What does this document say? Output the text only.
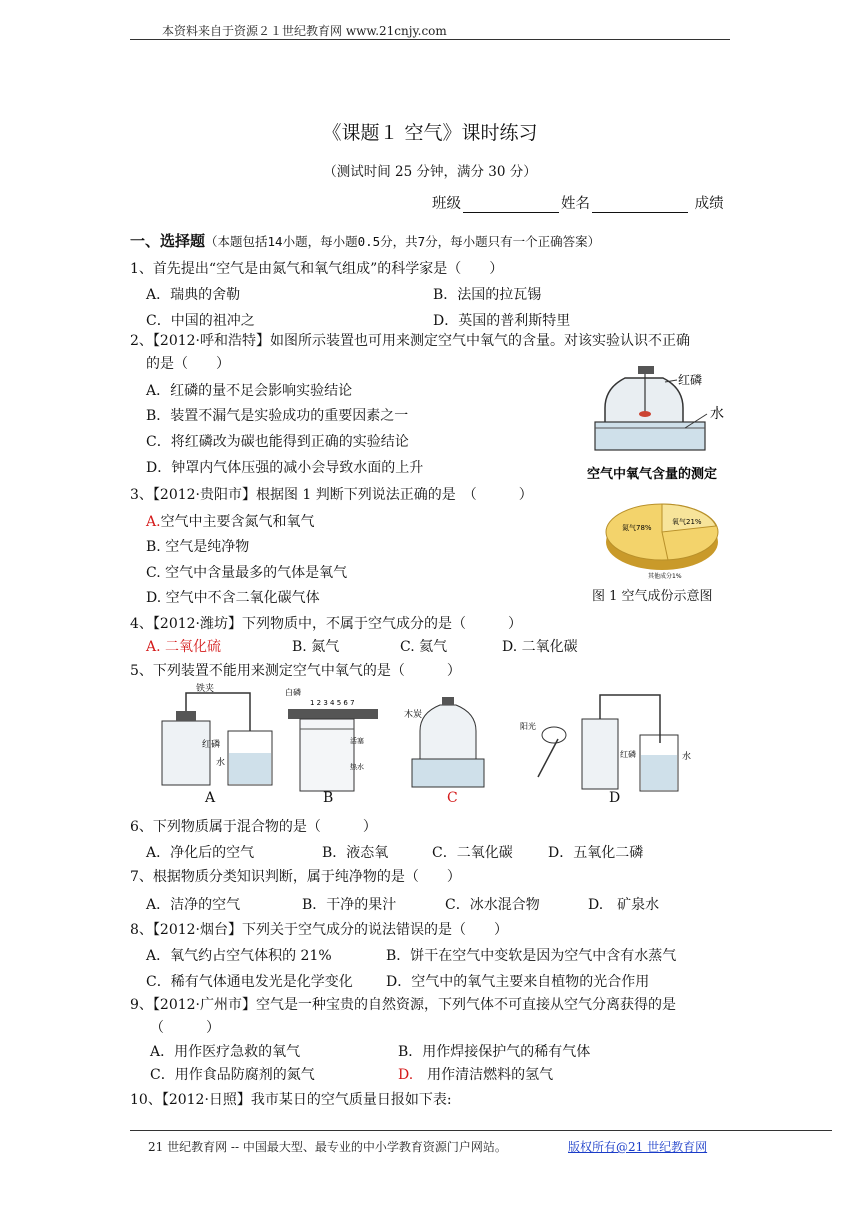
本资料来自于资源２１世纪教育网 www.21cnjy.com
《课题１ 空气》课时练习
（测试时间 25 分钟，满分 30 分）
班级	姓名	成绩
一、选择题（本题包括14小题，每小题0.5分，共7分，每小题只有一个正确答案）
1、首先提出“空气是由氮气和氧气组成”的科学家是（　　）
A．瑞典的舍勒	B．法国的拉瓦锡
C．中国的祖冲之	D．英国的普利斯特里
2、【2012·呼和浩特】如图所示装置也可用来测定空气中氧气的含量。对该实验认识不正确
的是（　　）
A．红磷的量不足会影响实验结论
B．装置不漏气是实验成功的重要因素之一
C．将红磷改为碳也能得到正确的实验结论
D．钟罩内气体压强的减小会导致水面的上升
红磷
水
空气中氧气含量的测定
3、【2012·贵阳市】根据图 1 判断下列说法正确的是　（　　　）
A.空气中主要含氮气和氧气
B. 空气是纯净物
C. 空气中含量最多的气体是氧气
D. 空气中不含二氧化碳气体
氮气78%
氧气21%
其他成分1%
图 1 空气成份示意图
4、【2012·潍坊】下列物质中，不属于空气成分的是（　　　）
A. 二氧化硫	B. 氮气	C. 氦气	D. 二氧化碳
5、下列装置不能用来测定空气中氧气的是（　　　）
铁夹
红磷
水
白磷
1 2 3 4 5 6 7
活塞
热水
木炭
阳光
红磷	水
A	B	C	D
6、下列物质属于混合物的是（　　　）
A．净化后的空气	B．液态氧	C．二氧化碳	D．五氧化二磷
7、根据物质分类知识判断，属于纯净物的是（　　）
A．洁净的空气	B．干净的果汁	C．冰水混合物	D.　矿泉水
8、【2012·烟台】下列关于空气成分的说法错误的是（　　）
A．氧气约占空气体积的 21%	B．饼干在空气中变软是因为空气中含有水蒸气
C．稀有气体通电发光是化学变化 D．空气中的氧气主要来自植物的光合作用
9、【2012·广州市】空气是一种宝贵的自然资源，下列气体不可直接从空气分离获得的是
（　　　）
A．用作医疗急救的氧气	B．用作焊接保护气的稀有气体
C．用作食品防腐剂的氮气	D.　用作清洁燃料的氢气
10、【2012·日照】我市某日的空气质量日报如下表:
21 世纪教育网 -- 中国最大型、最专业的中小学教育资源门户网站。	版权所有@21 世纪教育网
